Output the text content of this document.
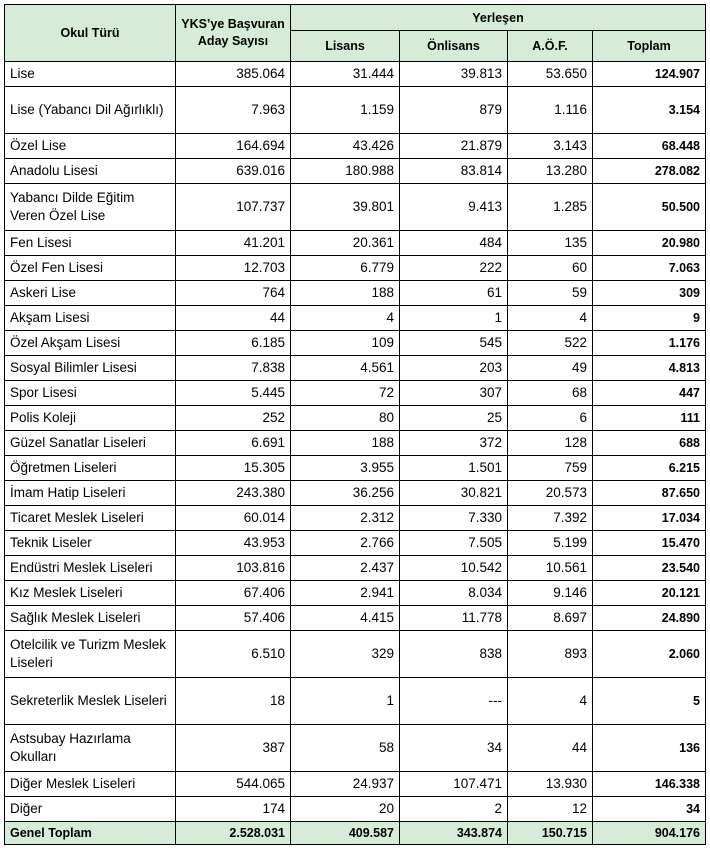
Okul Türü	YKS’ye Başvuran Aday Sayısı	Yerleşen			
		Lisans	Önlisans	A.Ö.F.	Toplam
Lise	385.064	31.444	39.813	53.650	124.907
Lise (Yabancı Dil Ağırlıklı)	7.963	1.159	879	1.116	3.154
Özel Lise	164.694	43.426	21.879	3.143	68.448
Anadolu Lisesi	639.016	180.988	83.814	13.280	278.082
Yabancı Dilde Eğitim Veren Özel Lise	107.737	39.801	9.413	1.285	50.500
Fen Lisesi	41.201	20.361	484	135	20.980
Özel Fen Lisesi	12.703	6.779	222	60	7.063
Askeri Lise	764	188	61	59	309
Akşam Lisesi	44	4	1	4	9
Özel Akşam Lisesi	6.185	109	545	522	1.176
Sosyal Bilimler Lisesi	7.838	4.561	203	49	4.813
Spor Lisesi	5.445	72	307	68	447
Polis Koleji	252	80	25	6	111
Güzel Sanatlar Liseleri	6.691	188	372	128	688
Öğretmen Liseleri	15.305	3.955	1.501	759	6.215
İmam Hatip Liseleri	243.380	36.256	30.821	20.573	87.650
Ticaret Meslek Liseleri	60.014	2.312	7.330	7.392	17.034
Teknik Liseler	43.953	2.766	7.505	5.199	15.470
Endüstri Meslek Liseleri	103.816	2.437	10.542	10.561	23.540
Kız Meslek Liseleri	67.406	2.941	8.034	9.146	20.121
Sağlık Meslek Liseleri	57.406	4.415	11.778	8.697	24.890
Otelcilik ve Turizm Meslek Liseleri	6.510	329	838	893	2.060
Sekreterlik Meslek Liseleri	18	1	---	4	5
Astsubay Hazırlama Okulları	387	58	34	44	136
Diğer Meslek Liseleri	544.065	24.937	107.471	13.930	146.338
Diğer	174	20	2	12	34
Genel Toplam	2.528.031	409.587	343.874	150.715	904.176
